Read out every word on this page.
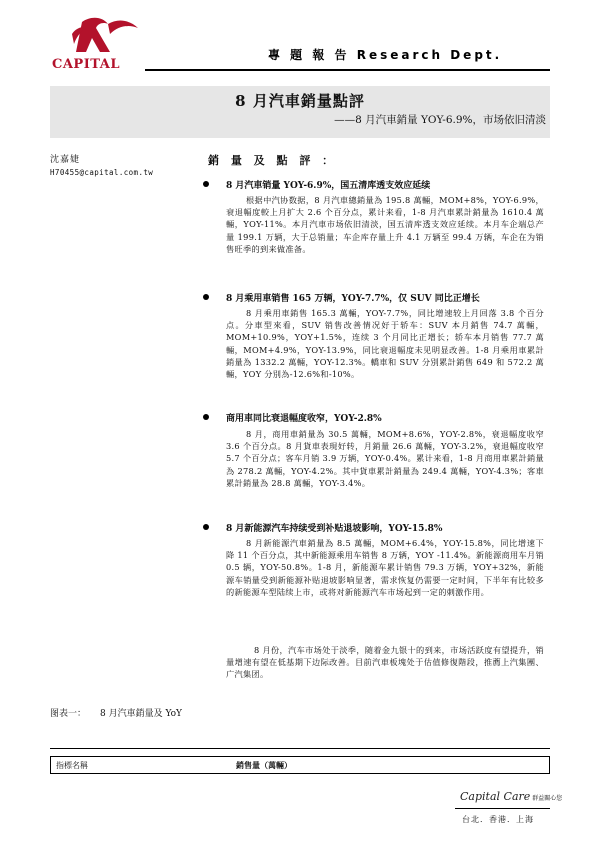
CAPITAL
專 題 報 告 Research Dept.
8 月汽車銷量點評
——8 月汽車銷量 YOY-6.9%，市场依旧清淡
沈嘉婕
H70455@capital.com.tw
銷 量 及 點 評 ：
8 月汽車销量 YOY-6.9%，国五清库透支效应延续
根据中汽协数据，8 月汽車總銷量為 195.8 萬輛，MOM+8%，YOY-6.9%，衰退幅度較上月扩大 2.6 个百分点，累计来看，1-8 月汽車累計銷量為 1610.4 萬輛，YOY-11%。本月汽車市场依旧清淡，国五清库透支效应延续。本月车企端总产量 199.1 万辆，大于总销量；车企库存量上升 4.1 万辆至 99.4 万辆，车企在为销售旺季的到来做准备。
8 月乘用車销售 165 万辆，YOY-7.7%，仅 SUV 同比正增长
8 月乘用車銷售 165.3 萬輛，YOY-7.7%，同比增速较上月回落 3.8 个百分点。分車型來看，SUV 销售改善情况好于轿车：SUV 本月銷售 74.7 萬輛，MOM+10.9%，YOY+1.5%，连续 3 个月同比正增长；轿车本月销售 77.7 萬輛，MOM+4.9%，YOY-13.9%，同比衰退幅度未见明显改善。1-8 月乘用車累計銷量為 1332.2 萬輛，YOY-12.3%。轎車和 SUV 分別累計銷售 649 和 572.2 萬輛，YOY 分別為-12.6%和-10%。
商用車同比衰退幅度收窄，YOY-2.8%
8 月，商用車銷量為 30.5 萬輛，MOM+8.6%，YOY-2.8%，衰退幅度收窄 3.6 个百分点。8 月貨車表現好转，月銷量 26.6 萬輛，YOY-3.2%，衰退幅度收窄 5.7 个百分点；客车月销 3.9 万辆，YOY-0.4%。累计来看，1-8 月商用車累計銷量為 278.2 萬輛，YOY-4.2%。其中貨車累計銷量為 249.4 萬輛，YOY-4.3%；客車累計銷量為 28.8 萬輛，YOY-3.4%。
8 月新能源汽车持续受到补贴退坡影响，YOY-15.8%
8 月新能源汽車銷量為 8.5 萬輛，MOM+6.4%，YOY-15.8%，同比增速下降 11 个百分点，其中新能源乘用车销售 8 万辆，YOY -11.4%。新能源商用车月销 0.5 辆，YOY-50.8%。1-8 月，新能源车累计销售 79.3 万辆，YOY+32%，新能源车销量受到新能源补贴退坡影响显著，需求恢复仍需要一定时间，下半年有比较多的新能源车型陆续上市，或将对新能源汽车市场起到一定的刺激作用。
8 月份，汽车市场处于淡季，随着金九银十的到来，市场活跃度有望提升，销量增速有望在低基期下边际改善。目前汽車板塊处于估值修復階段，推薦上汽集團、广汽集团。
图表一： 8 月汽車銷量及 YoY
指標名稱	銷售量（萬輛）
Capital Care 群益關心您
台北．香港．上海
